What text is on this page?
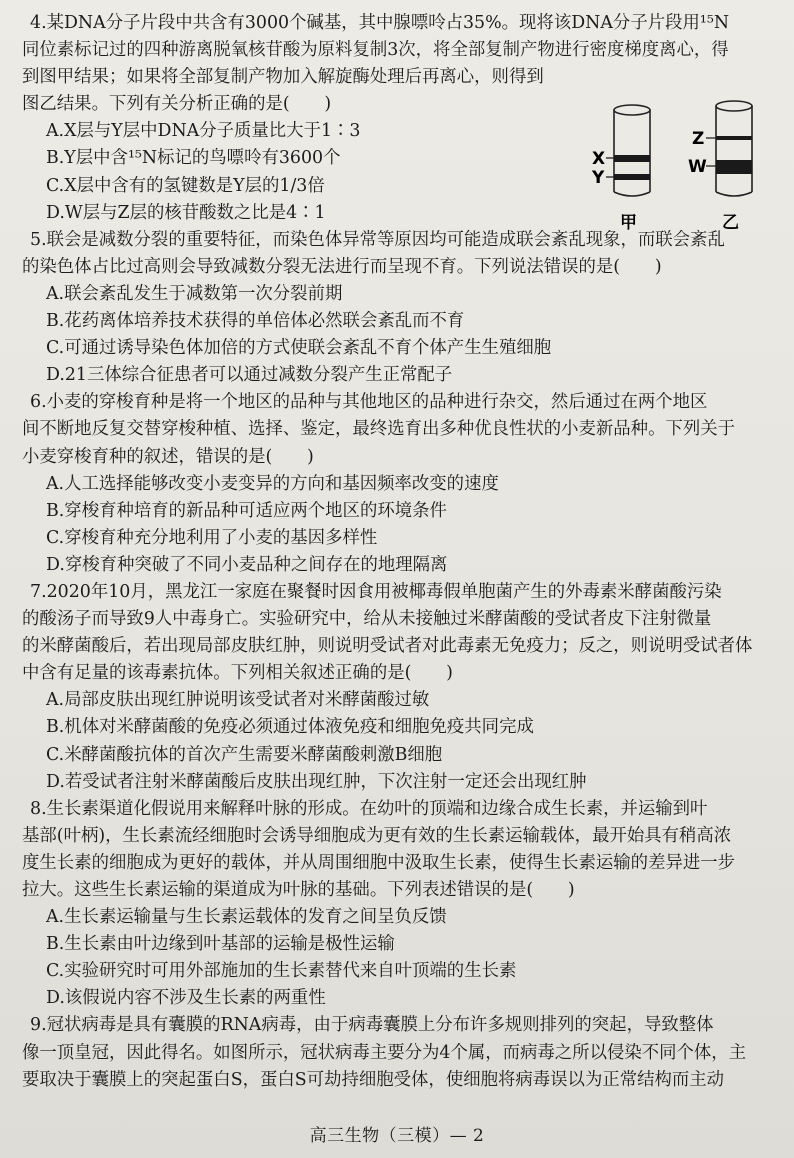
4.某DNA分子片段中共含有3000个碱基，其中腺嘌呤占35%。现将该DNA分子片段用¹⁵N
同位素标记过的四种游离脱氧核苷酸为原料复制3次，将全部复制产物进行密度梯度离心，得
到图甲结果；如果将全部复制产物加入解旋酶处理后再离心，则得到
图乙结果。下列有关分析正确的是(　　)
A.X层与Y层中DNA分子质量比大于1∶3
B.Y层中含¹⁵N标记的鸟嘌呤有3600个
C.X层中含有的氢键数是Y层的1/3倍
D.W层与Z层的核苷酸数之比是4∶1
X
Y
甲
Z
W
乙
5.联会是减数分裂的重要特征，而染色体异常等原因均可能造成联会紊乱现象，而联会紊乱
的染色体占比过高则会导致减数分裂无法进行而呈现不育。下列说法错误的是(　　)
A.联会紊乱发生于减数第一次分裂前期
B.花药离体培养技术获得的单倍体必然联会紊乱而不育
C.可通过诱导染色体加倍的方式使联会紊乱不育个体产生生殖细胞
D.21三体综合征患者可以通过减数分裂产生正常配子
6.小麦的穿梭育种是将一个地区的品种与其他地区的品种进行杂交，然后通过在两个地区
间不断地反复交替穿梭种植、选择、鉴定，最终选育出多种优良性状的小麦新品种。下列关于
小麦穿梭育种的叙述，错误的是(　　)
A.人工选择能够改变小麦变异的方向和基因频率改变的速度
B.穿梭育种培育的新品种可适应两个地区的环境条件
C.穿梭育种充分地利用了小麦的基因多样性
D.穿梭育种突破了不同小麦品种之间存在的地理隔离
7.2020年10月，黑龙江一家庭在聚餐时因食用被椰毒假单胞菌产生的外毒素米酵菌酸污染
的酸汤子而导致9人中毒身亡。实验研究中，给从未接触过米酵菌酸的受试者皮下注射微量
的米酵菌酸后，若出现局部皮肤红肿，则说明受试者对此毒素无免疫力；反之，则说明受试者体
中含有足量的该毒素抗体。下列相关叙述正确的是(　　)
A.局部皮肤出现红肿说明该受试者对米酵菌酸过敏
B.机体对米酵菌酸的免疫必须通过体液免疫和细胞免疫共同完成
C.米酵菌酸抗体的首次产生需要米酵菌酸刺激B细胞
D.若受试者注射米酵菌酸后皮肤出现红肿，下次注射一定还会出现红肿
8.生长素渠道化假说用来解释叶脉的形成。在幼叶的顶端和边缘合成生长素，并运输到叶
基部(叶柄)，生长素流经细胞时会诱导细胞成为更有效的生长素运输载体，最开始具有稍高浓
度生长素的细胞成为更好的载体，并从周围细胞中汲取生长素，使得生长素运输的差异进一步
拉大。这些生长素运输的渠道成为叶脉的基础。下列表述错误的是(　　)
A.生长素运输量与生长素运载体的发育之间呈负反馈
B.生长素由叶边缘到叶基部的运输是极性运输
C.实验研究时可用外部施加的生长素替代来自叶顶端的生长素
D.该假说内容不涉及生长素的两重性
9.冠状病毒是具有囊膜的RNA病毒，由于病毒囊膜上分布许多规则排列的突起，导致整体
像一顶皇冠，因此得名。如图所示，冠状病毒主要分为4个属，而病毒之所以侵染不同个体，主
要取决于囊膜上的突起蛋白S，蛋白S可劫持细胞受体，使细胞将病毒误以为正常结构而主动
高三生物（三模）— 2
